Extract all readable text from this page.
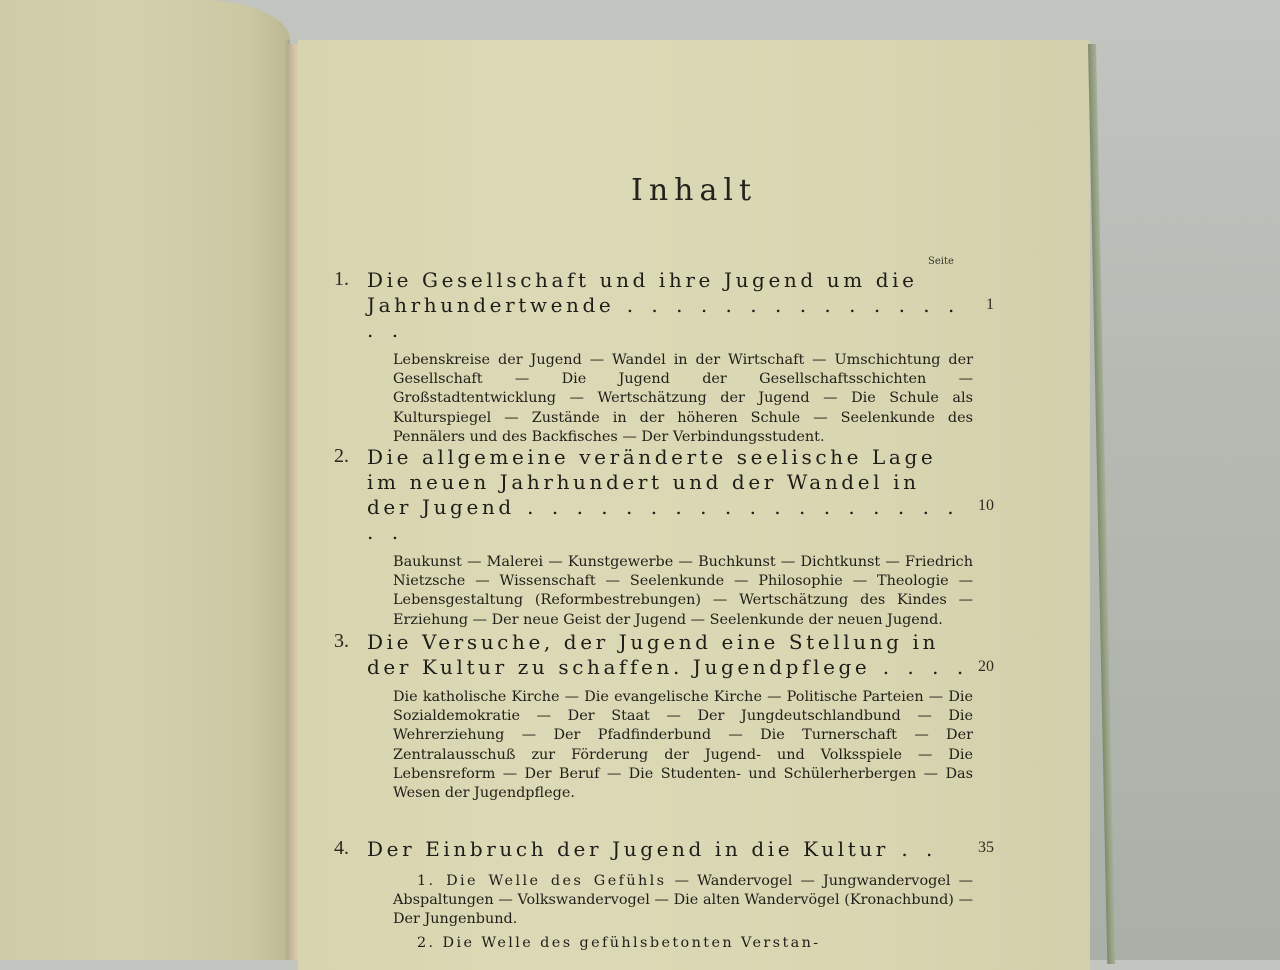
Inhalt
Seite
1. Die Gesellschaft und ihre Jugend um die
Jahrhundertwende . . . . . . . . . . . . . . . .
1
Lebenskreise der Jugend — Wandel in der Wirtschaft — Umschichtung der Gesellschaft — Die Jugend der Gesellschaftsschichten — Großstadtentwicklung — Wertschätzung der Jugend — Die Schule als Kulturspiegel — Zustände in der höheren Schule — Seelenkunde des Pennälers und des Backfisches — Der Verbindungsstudent.
2. Die allgemeine veränderte seelische Lage
im neuen Jahrhundert und der Wandel in
der Jugend . . . . . . . . . . . . . . . . . . . .
10
Baukunst — Malerei — Kunstgewerbe — Buchkunst — Dichtkunst — Friedrich Nietzsche — Wissenschaft — Seelenkunde — Philosophie — Theologie — Lebensgestaltung (Reformbestrebungen) — Wertschätzung des Kindes — Erziehung — Der neue Geist der Jugend — Seelenkunde der neuen Jugend.
3. Die Versuche, der Jugend eine Stellung in
der Kultur zu schaffen. Jugendpflege . . . . 20
Die katholische Kirche — Die evangelische Kirche — Politische Parteien — Die Sozialdemokratie — Der Staat — Der Jungdeutschlandbund — Die Wehrerziehung — Der Pfadfinderbund — Die Turnerschaft — Der Zentralausschuß zur Förderung der Jugend- und Volksspiele — Die Lebensreform — Der Beruf — Die Studenten- und Schülerherbergen — Das Wesen der Jugendpflege.
4. Der Einbruch der Jugend in die Kultur . .	35
1. Die Welle des Gefühls — Wandervogel — Jungwandervogel — Abspaltungen — Volkswandervogel — Die alten Wandervögel (Kronachbund) — Der Jungenbund.
2. Die Welle des gefühlsbetonten Verstan-
